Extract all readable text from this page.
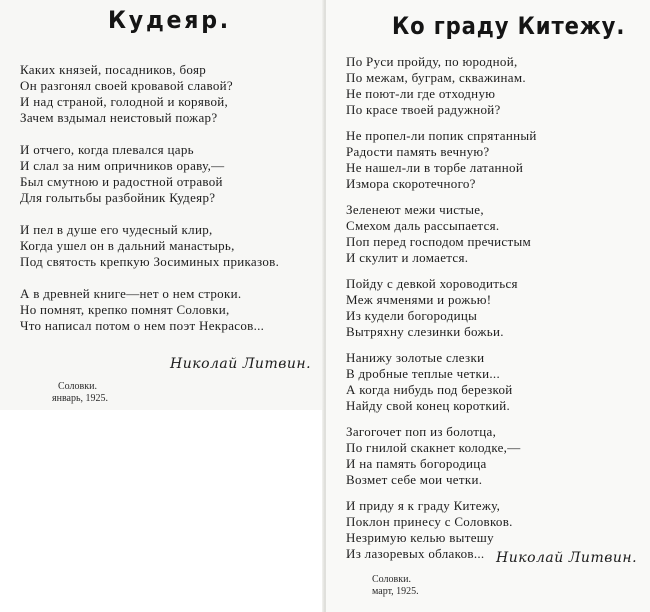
Кудеяр.

Каких князей, посадников, бояр
Он разгонял своей кровавой славой?
И над страной, голодной и корявой,
Зачем вздымал неистовый пожар?

И отчего, когда плевался царь
И слал за ним опричников ораву,—
Был смутною и радостной отравой
Для голытьбы разбойник Кудеяр?

И пел в душе его чудесный клир,
Когда ушел он в дальний манастырь,
Под святость крепкую Зосиминых приказов.

А в древней книге—нет о нем строки.
Но помнят, крепко помнят Соловки,
Что написал потом о нем поэт Некрасов...

Николай Литвин.

Соловки.

январь, 1925.

Ко граду Китежу.

По Руси пройду, по юродной,
По межам, буграм, скважинам.
Не поют-ли где отходную
По красе твоей радужной?

Не пропел-ли попик спрятанный
Радости память вечную?
Не нашел-ли в торбе латанной
Измора скоротечного?

Зеленеют межи чистые,
Смехом даль рассыпается.
Поп перед господом пречистым
И скулит и ломается.

Пойду с девкой хороводиться
Меж ячменями и рожью!
Из кудели богородицы
Вытряхну слезинки божьи.

Нанижу золотые слезки
В дробные теплые четки...
А когда нибудь под березкой
Найду свой конец короткий.

Загогочет поп из болотца,
По гнилой скакнет колодке,—
И на память богородица
Возмет себе мои четки.

И приду я к граду Китежу,
Поклон принесу с Соловков.
Незримую келью вытешу
Из лазоревых облаков... Николай Литвин.

Соловки.

март, 1925.
